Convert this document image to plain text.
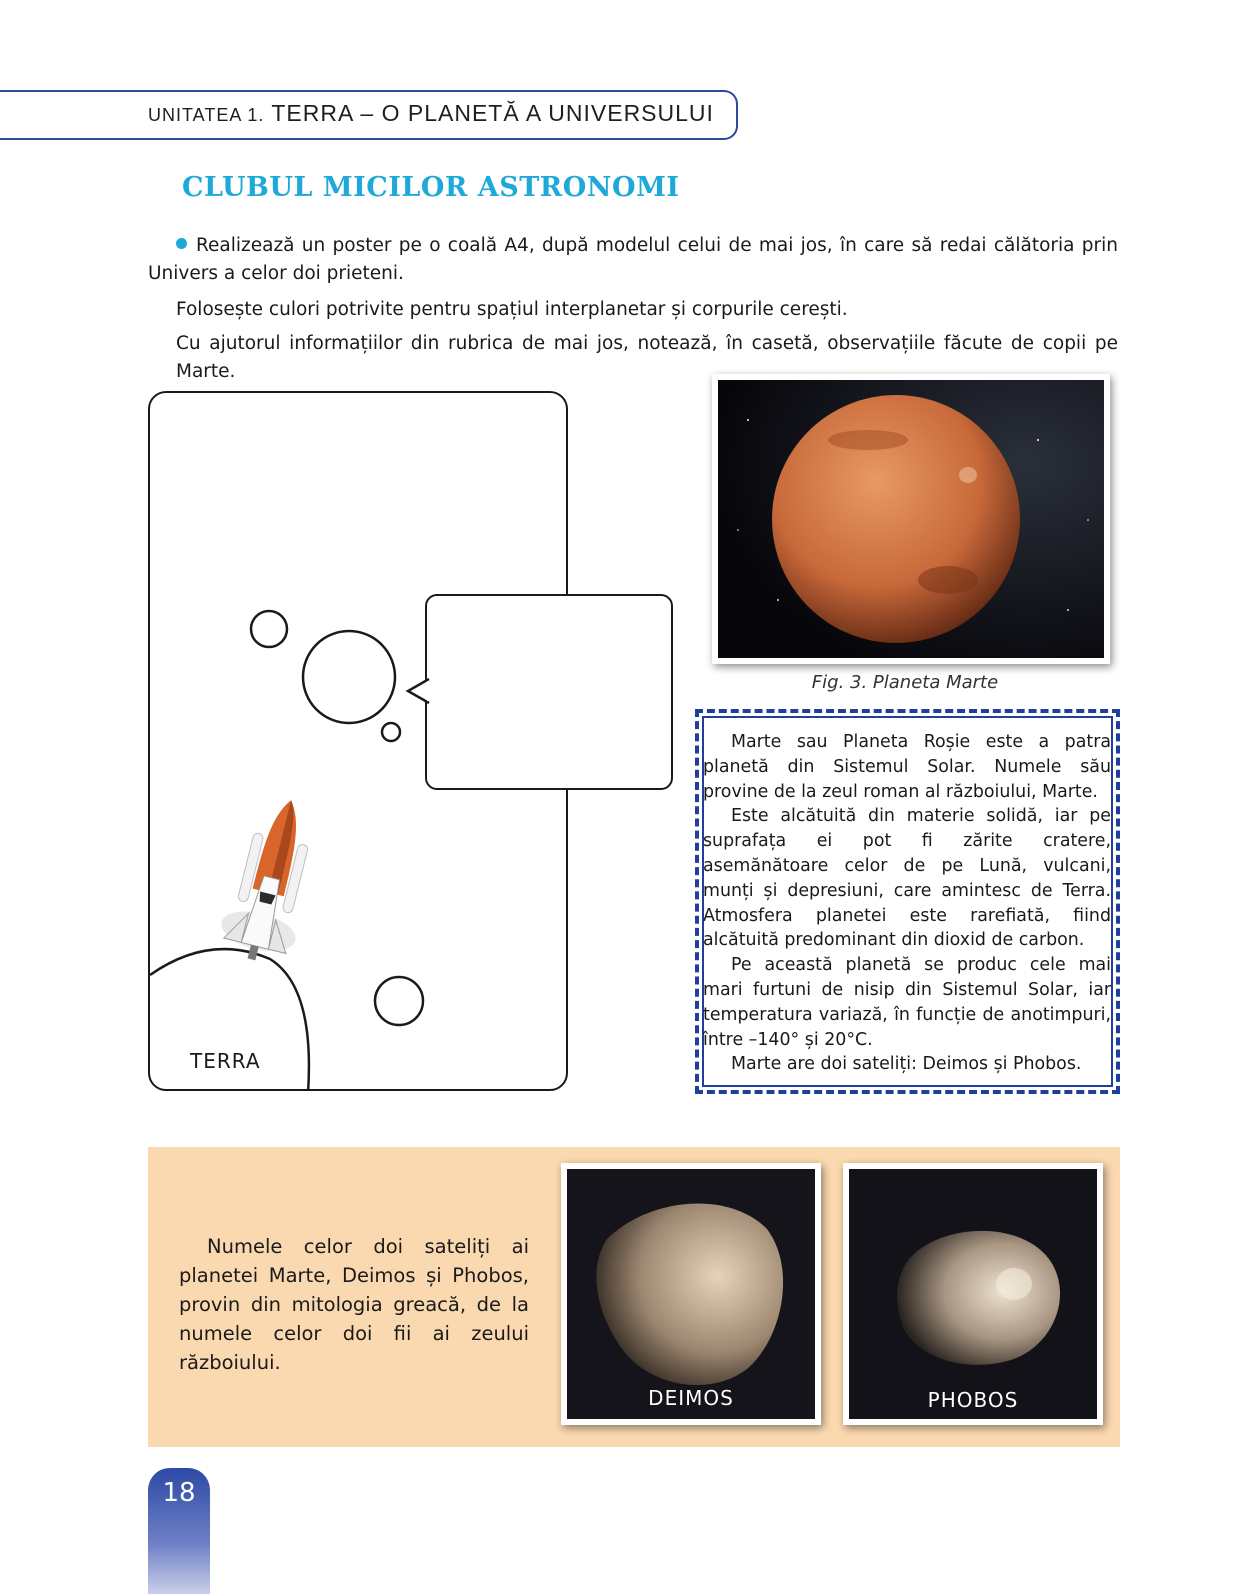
UNITATEA 1. TERRA – O PLANETĂ A UNIVERSULUI
CLUBUL MICILOR ASTRONOMI
Realizează un poster pe o coală A4, după modelul celui de mai jos, în care să redai călătoria prin Univers a celor doi prieteni.
Folosește culori potrivite pentru spațiul interplanetar și corpurile cerești.
Cu ajutorul informațiilor din rubrica de mai jos, notează, în casetă, observațiile făcute de copii pe Marte.
TERRA
Fig. 3. Planeta Marte

Marte sau Planeta Roșie este a patra planetă din Sistemul Solar. Numele său provine de la zeul roman al războiului, Marte.

Este alcătuită din materie solidă, iar pe suprafața ei pot fi zărite cratere, asemănătoare celor de pe Lună, vulcani, munți și depresiuni, care amintesc de Terra. Atmosfera planetei este rarefiată, fiind alcătuită predominant din dioxid de carbon.

Pe această planetă se produc cele mai mari furtuni de nisip din Sistemul Solar, iar temperatura variază, în funcție de anotimpuri, între –140° și 20°C.

Marte are doi sateliți: Deimos și Phobos.

Numele celor doi sateliți ai planetei Marte, Deimos și Phobos, provin din mitologia greacă, de la numele celor doi fii ai zeului războiului.
DEIMOS	PHOBOS
18
